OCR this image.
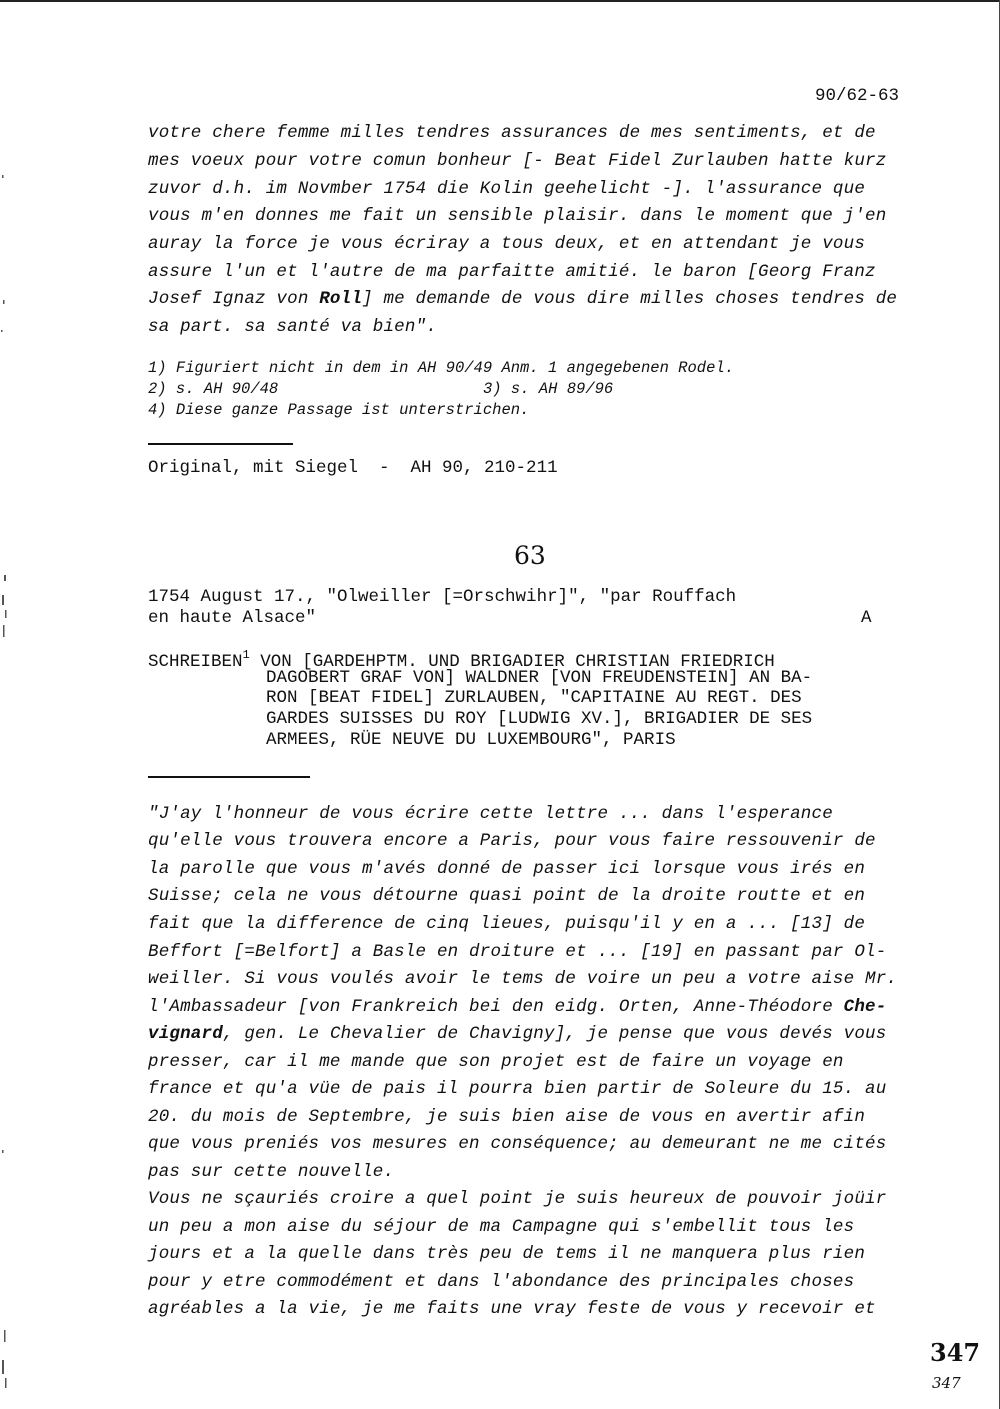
90/62-63
votre chere femme milles tendres assurances de mes sentiments, et de
mes voeux pour votre comun bonheur [- Beat Fidel Zurlauben hatte kurz
zuvor d.h. im Novmber 1754 die Kolin geehelicht -]. l'assurance que
vous m'en donnes me fait un sensible plaisir. dans le moment que j'en
auray la force je vous écriray a tous deux, et en attendant je vous
assure l'un et l'autre de ma parfaitte amitié. le baron [Georg Franz
Josef Ignaz von Roll] me demande de vous dire milles choses tendres de
sa part. sa santé va bien".
1) Figuriert nicht in dem in AH 90/49 Anm. 1 angegebenen Rodel.
2) s. AH 90/48	3) s. AH 89/96
4) Diese ganze Passage ist unterstrichen.
Original, mit Siegel  -  AH 90, 210-211
63
1754 August 17., "Olweiller [=Orschwihr]", "par Rouffach
en haute Alsace"	A
SCHREIBEN$^1$ VON [GARDEHPTM. UND BRIGADIER CHRISTIAN FRIEDRICH
DAGOBERT GRAF VON] WALDNER [VON FREUDENSTEIN] AN BA-
RON [BEAT FIDEL] ZURLAUBEN, "CAPITAINE AU REGT. DES
GARDES SUISSES DU ROY [LUDWIG XV.], BRIGADIER DE SES
ARMEES, RÜE NEUVE DU LUXEMBOURG", PARIS
"J'ay l'honneur de vous écrire cette lettre ... dans l'esperance
qu'elle vous trouvera encore a Paris, pour vous faire ressouvenir de
la parolle que vous m'avés donné de passer ici lorsque vous irés en
Suisse; cela ne vous détourne quasi point de la droite routte et en
fait que la difference de cinq lieues, puisqu'il y en a ... [13] de
Beffort [=Belfort] a Basle en droiture et ... [19] en passant par Ol-
weiller. Si vous voulés avoir le tems de voire un peu a votre aise Mr.
l'Ambassadeur [von Frankreich bei den eidg. Orten, Anne-Théodore Che-
vignard, gen. Le Chevalier de Chavigny], je pense que vous devés vous
presser, car il me mande que son projet est de faire un voyage en
france et qu'a vüe de pais il pourra bien partir de Soleure du 15. au
20. du mois de Septembre, je suis bien aise de vous en avertir afin
que vous preniés vos mesures en conséquence; au demeurant ne me cités
pas sur cette nouvelle.
Vous ne sçauriés croire a quel point je suis heureux de pouvoir joüir
un peu a mon aise du séjour de ma Campagne qui s'embellit tous les
jours et a la quelle dans très peu de tems il ne manquera plus rien
pour y etre commodément et dans l'abondance des principales choses
agréables a la vie, je me faits une vray feste de vous y recevoir et
347
347
